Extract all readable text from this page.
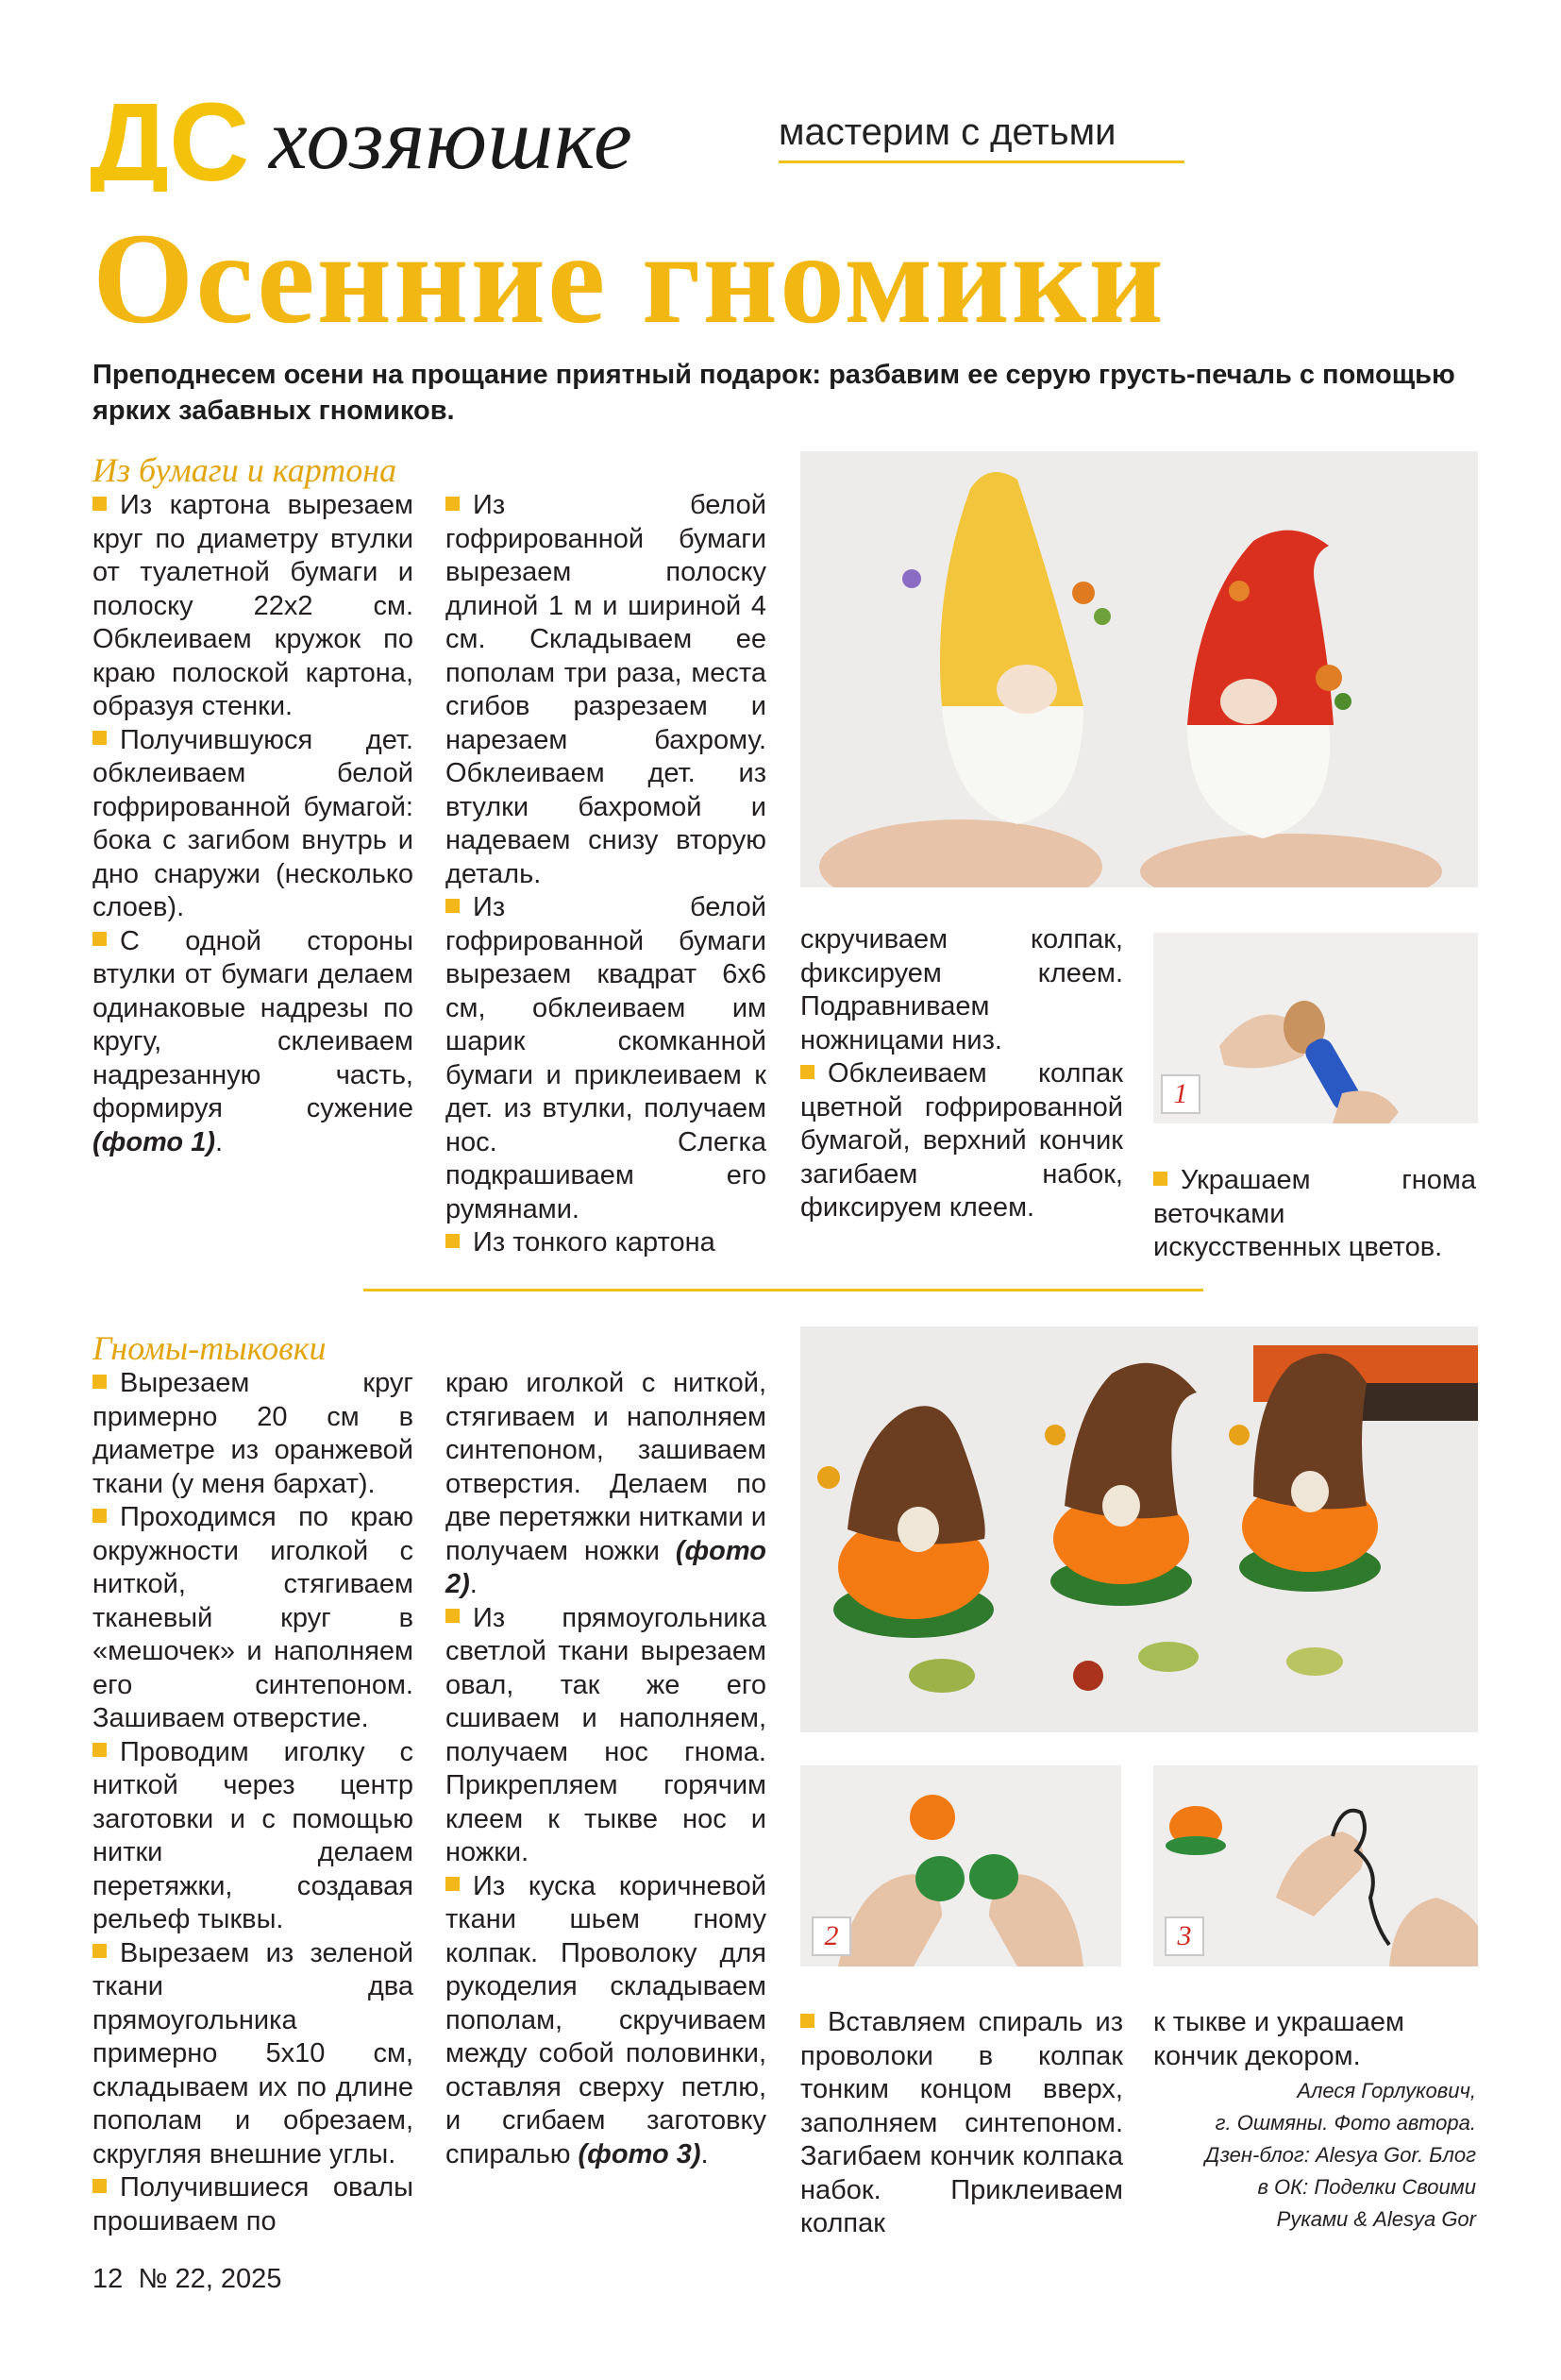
ДС хозяюшке	мастерим с детьми
Осенние гномики
Преподнесем осени на прощание приятный подарок: разбавим ее серую грусть-печаль с помощью ярких забавных гномиков.
Из бумаги и картона

Из картона вырезаем круг по диаметру втулки от туалетной бумаги и полоску 22x2 см. Обклеиваем кружок по краю полоской картона, образуя стенки.

Получившуюся дет. обклеиваем белой гофрированной бумагой: бока с загибом внутрь и дно снаружи (несколько слоев).

С одной стороны втулки от бумаги делаем одинаковые надрезы по кругу, склеиваем надрезанную часть, формируя сужение (фото 1).

Из белой гофрированной бумаги вырезаем полоску длиной 1 м и шириной 4 см. Складываем ее пополам три раза, места сгибов разрезаем и нарезаем бахрому. Обклеиваем дет. из втулки бахромой и надеваем снизу вторую деталь.

Из белой гофрированной бумаги вырезаем квадрат 6x6 см, обклеиваем им шарик скомканной бумаги и приклеиваем к дет. из втулки, получаем нос. Слегка подкрашиваем его румянами.

Из тонкого картона

скручиваем колпак, фиксируем клеем. Подравниваем ножницами низ.

Обклеиваем колпак цветной гофрированной бумагой, верхний кончик загибаем набок, фиксируем клеем.

1

Украшаем гнома веточками искусственных цветов.

Гномы-тыковки

Вырезаем круг примерно 20 см в диаметре из оранжевой ткани (у меня бархат).

Проходимся по краю окружности иголкой с ниткой, стягиваем тканевый круг в «мешочек» и наполняем его синтепоном. Зашиваем отверстие.

Проводим иголку с ниткой через центр заготовки и с помощью нитки делаем перетяжки, создавая рельеф тыквы.

Вырезаем из зеленой ткани два прямоугольника примерно 5x10 см, складываем их по длине пополам и обрезаем, скругляя внешние углы.

Получившиеся овалы прошиваем по

краю иголкой с ниткой, стягиваем и наполняем синтепоном, зашиваем отверстия. Делаем по две перетяжки нитками и получаем ножки (фото 2).

Из прямоугольника светлой ткани вырезаем овал, так же его сшиваем и наполняем, получаем нос гнома. Прикрепляем горячим клеем к тыкве нос и ножки.

Из куска коричневой ткани шьем гному колпак. Проволоку для рукоделия складываем пополам, скручиваем между собой половинки, оставляя сверху петлю, и сгибаем заготовку спиралью (фото 3).

2	3

Вставляем спираль из проволоки в колпак тонким концом вверх, заполняем синтепоном. Загибаем кончик колпака набок. Приклеиваем колпак

к тыкве и украшаем кончик декором.

Алеся Горлукович,
г. Ошмяны. Фото автора.
Дзен-блог: Alesya Gor. Блог
в ОК: Поделки Своими
Руками & Alesya Gor
12 № 22, 2025
